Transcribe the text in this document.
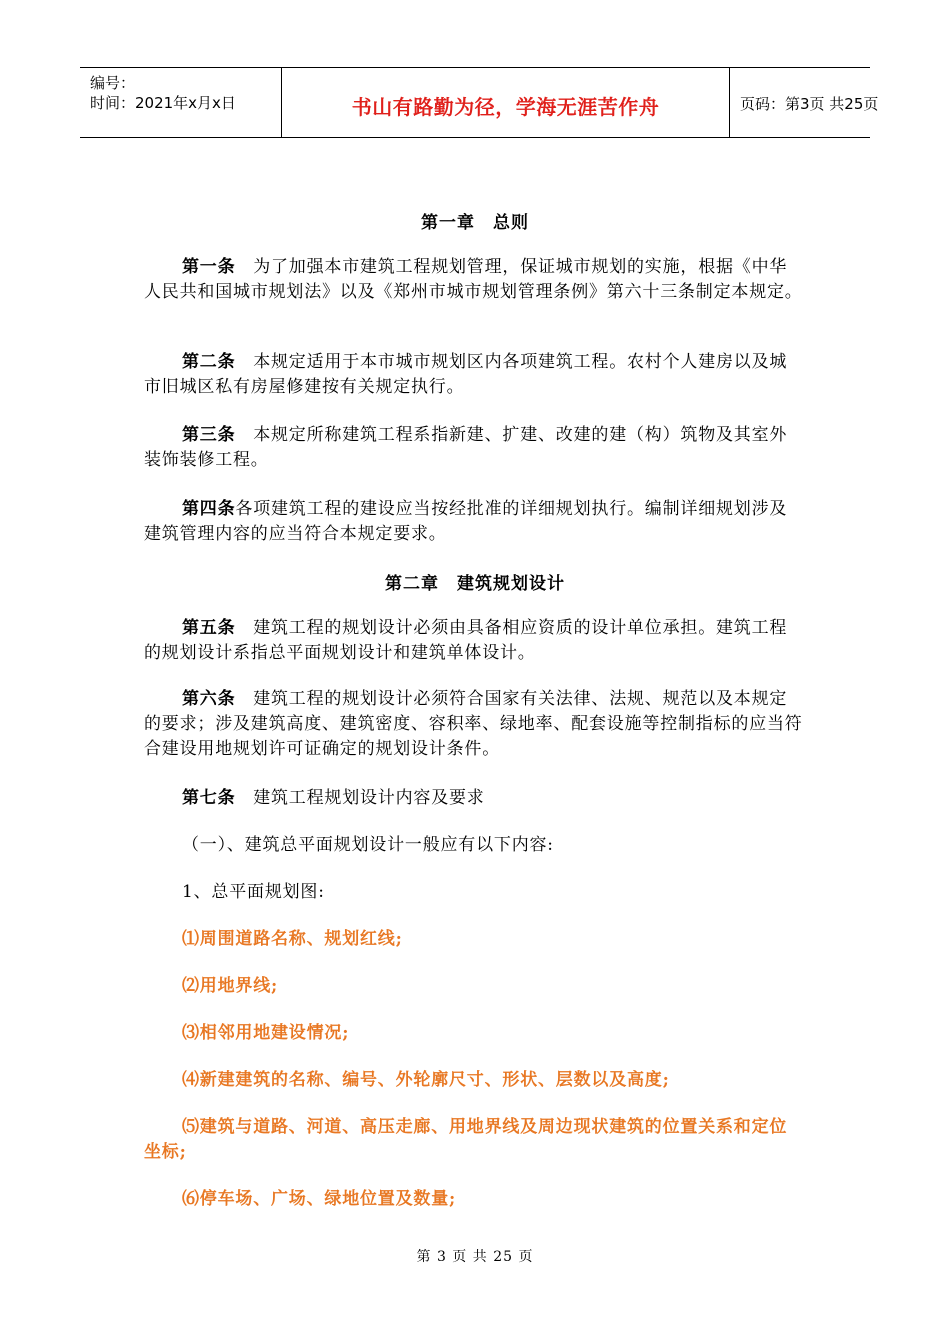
编号：
时间：2021年x月x日	书山有路勤为径，学海无涯苦作舟	页码：第3页 共25页

第一章　总则

第一条　为了加强本市建筑工程规划管理，保证城市规划的实施，根据《中华人民共和国城市规划法》以及《郑州市城市规划管理条例》第六十三条制定本规定。

第二条　本规定适用于本市城市规划区内各项建筑工程。农村个人建房以及城市旧城区私有房屋修建按有关规定执行。

第三条　本规定所称建筑工程系指新建、扩建、改建的建（构）筑物及其室外装饰装修工程。

第四条各项建筑工程的建设应当按经批准的详细规划执行。编制详细规划涉及建筑管理内容的应当符合本规定要求。

第二章　建筑规划设计

第五条　建筑工程的规划设计必须由具备相应资质的设计单位承担。建筑工程的规划设计系指总平面规划设计和建筑单体设计。

第六条　建筑工程的规划设计必须符合国家有关法律、法规、规范以及本规定的要求；涉及建筑高度、建筑密度、容积率、绿地率、配套设施等控制指标的应当符合建设用地规划许可证确定的规划设计条件。

第七条　建筑工程规划设计内容及要求

（一）、建筑总平面规划设计一般应有以下内容:

1、总平面规划图:

⑴周围道路名称、规划红线;

⑵用地界线;

⑶相邻用地建设情况;

⑷新建建筑的名称、编号、外轮廓尺寸、形状、层数以及高度;

⑸建筑与道路、河道、高压走廊、用地界线及周边现状建筑的位置关系和定位坐标;

⑹停车场、广场、绿地位置及数量;

第 3 页 共 25 页
